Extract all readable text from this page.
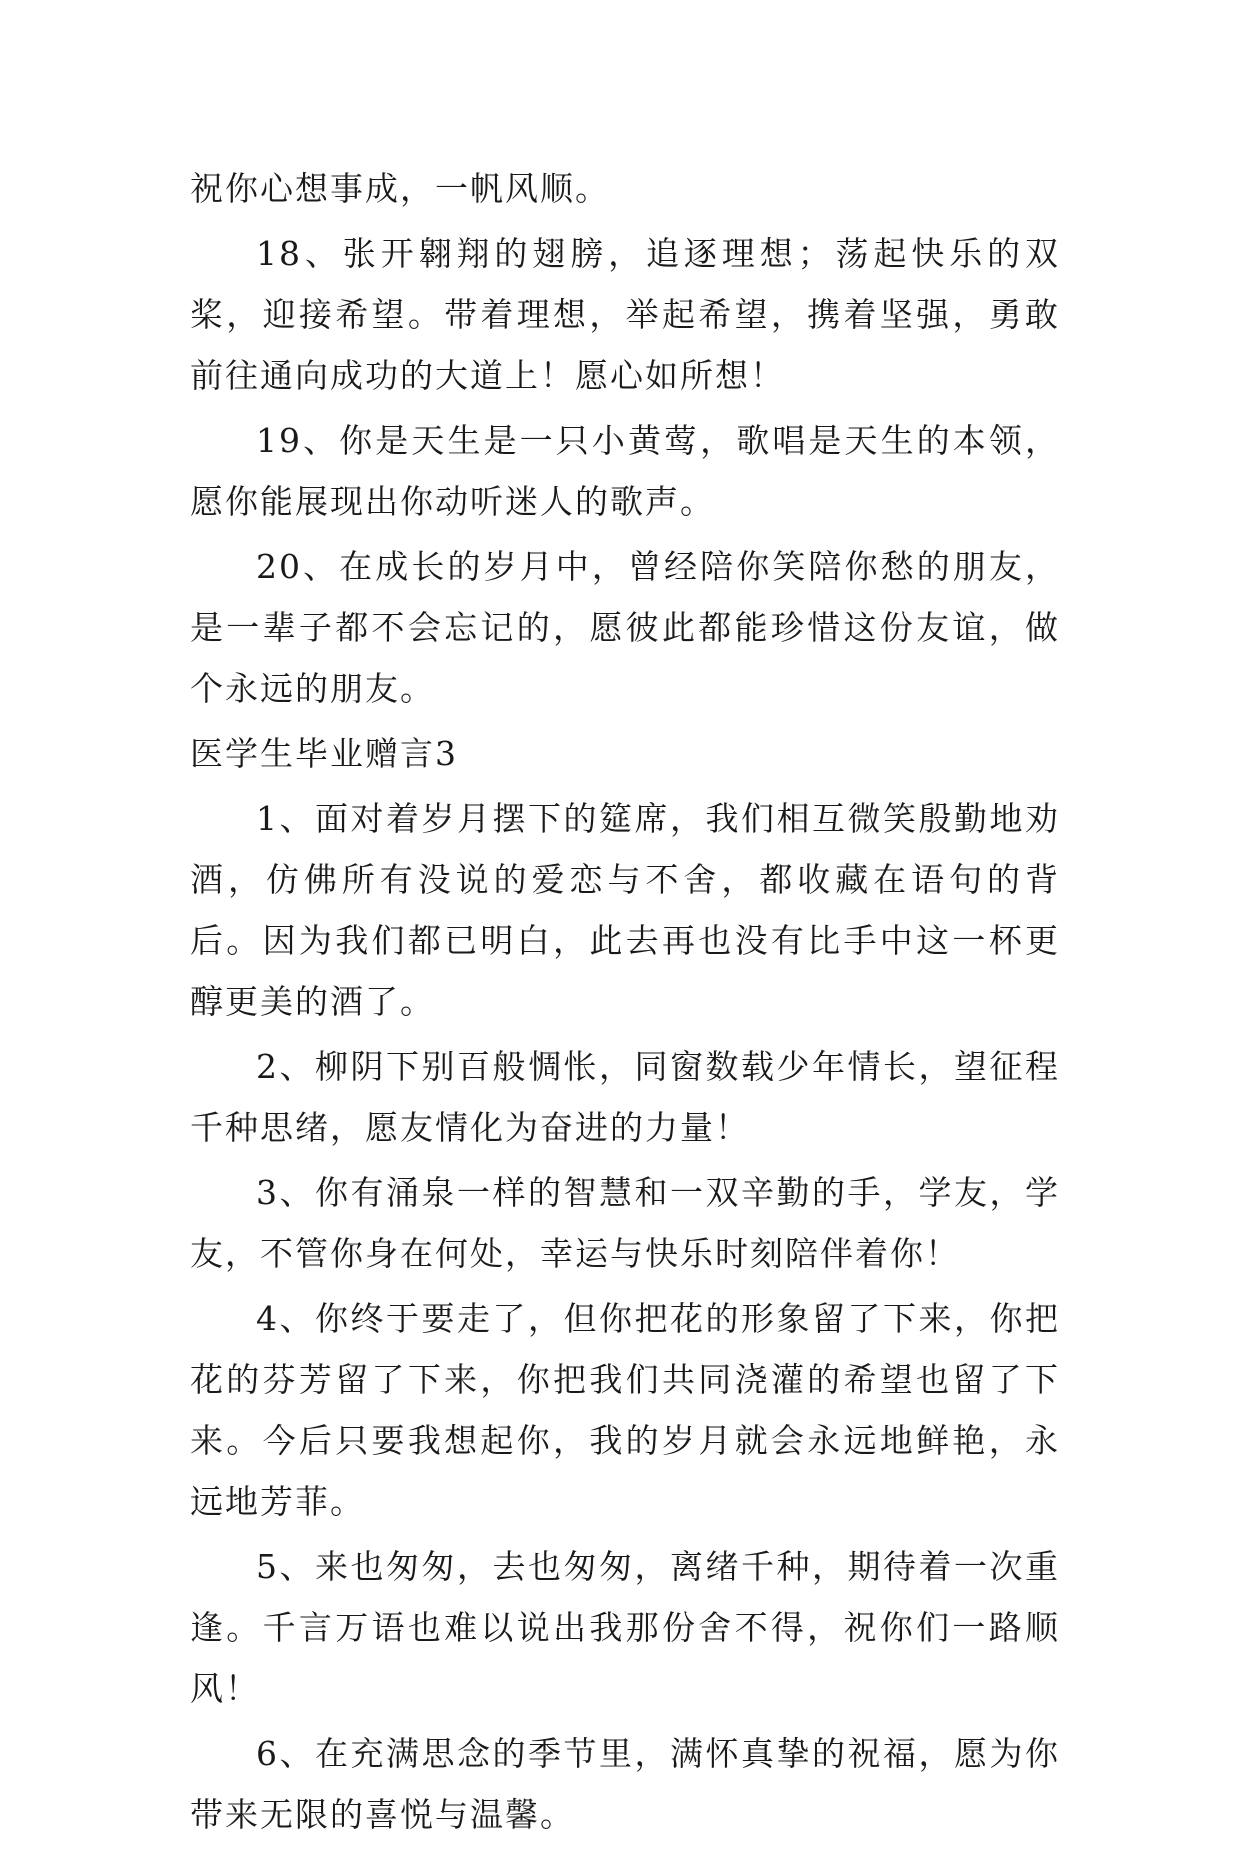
祝你心想事成，一帆风顺。

18、张开翱翔的翅膀，追逐理想；荡起快乐的双桨，迎接希望。带着理想，举起希望，携着坚强，勇敢前往通向成功的大道上！愿心如所想！

19、你是天生是一只小黄莺，歌唱是天生的本领，愿你能展现出你动听迷人的歌声。

20、在成长的岁月中，曾经陪你笑陪你愁的朋友，是一辈子都不会忘记的，愿彼此都能珍惜这份友谊，做个永远的朋友。

医学生毕业赠言3

1、面对着岁月摆下的筵席，我们相互微笑殷勤地劝酒，仿佛所有没说的爱恋与不舍，都收藏在语句的背后。因为我们都已明白，此去再也没有比手中这一杯更醇更美的酒了。

2、柳阴下别百般惆怅，同窗数载少年情长，望征程千种思绪，愿友情化为奋进的力量！

3、你有涌泉一样的智慧和一双辛勤的手，学友，学友，不管你身在何处，幸运与快乐时刻陪伴着你！

4、你终于要走了，但你把花的形象留了下来，你把花的芬芳留了下来，你把我们共同浇灌的希望也留了下来。今后只要我想起你，我的岁月就会永远地鲜艳，永远地芳菲。

5、来也匆匆，去也匆匆，离绪千种，期待着一次重逢。千言万语也难以说出我那份舍不得，祝你们一路顺风！

6、在充满思念的季节里，满怀真挚的祝福，愿为你带来无限的喜悦与温馨。
